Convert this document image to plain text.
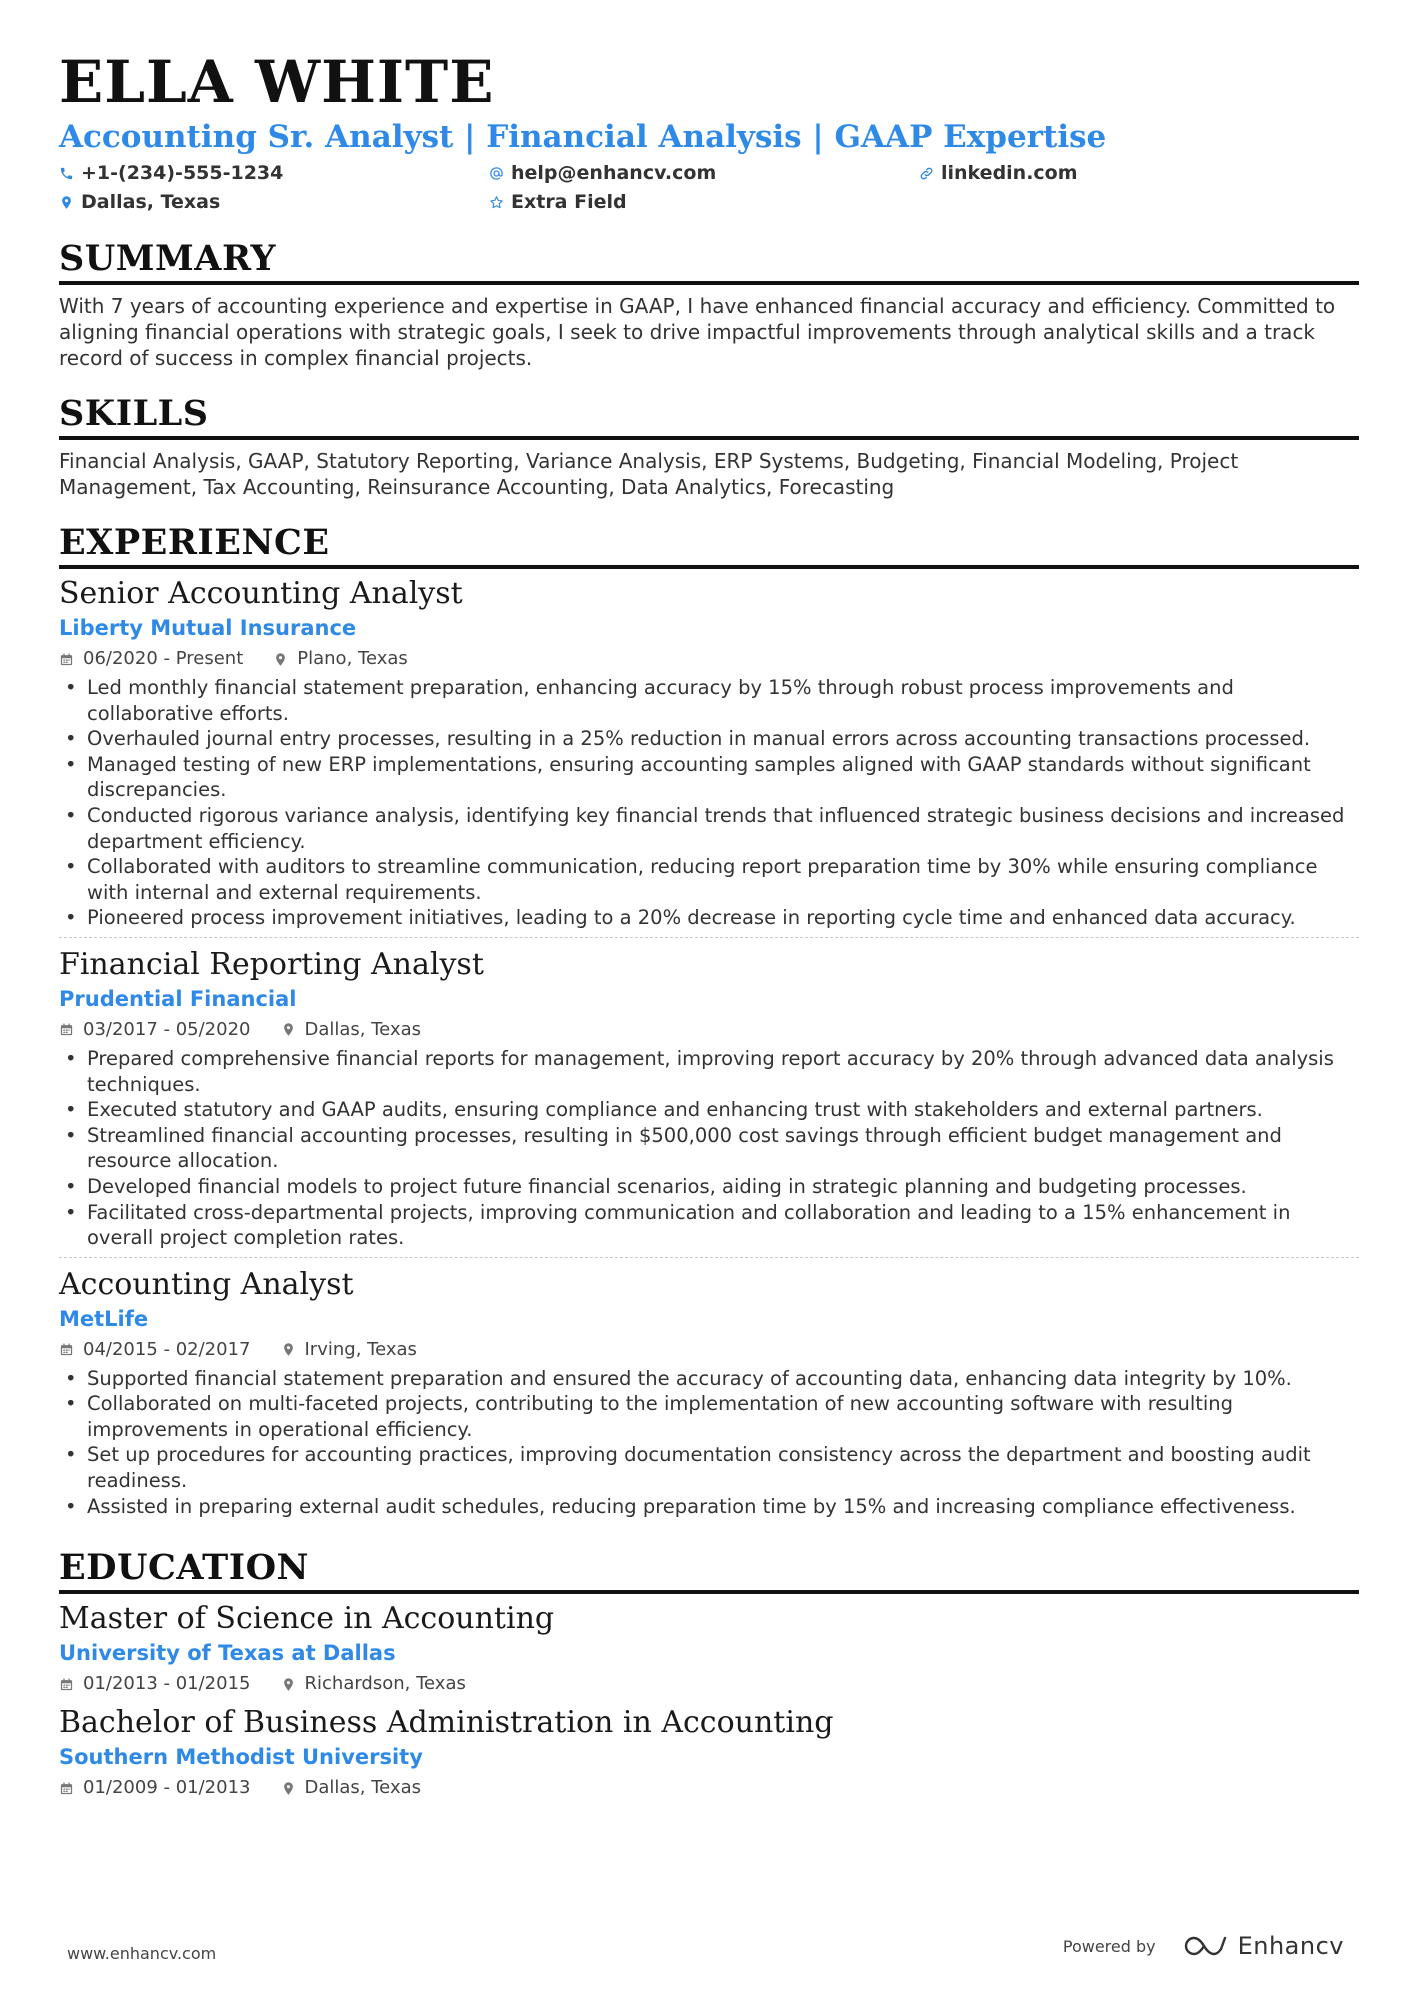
ELLA WHITE
Accounting Sr. Analyst | Financial Analysis | GAAP Expertise
+1-(234)-555-1234	help@enhancv.com	linkedin.com
Dallas, Texas	Extra Field
SUMMARY
With 7 years of accounting experience and expertise in GAAP, I have enhanced financial accuracy and efficiency. Committed to aligning financial operations with strategic goals, I seek to drive impactful improvements through analytical skills and a track record of success in complex financial projects.
SKILLS
Financial Analysis, GAAP, Statutory Reporting, Variance Analysis, ERP Systems, Budgeting, Financial Modeling, Project Management, Tax Accounting, Reinsurance Accounting, Data Analytics, Forecasting
EXPERIENCE
Senior Accounting Analyst
Liberty Mutual Insurance
06/2020 - Present	Plano, Texas
• Led monthly financial statement preparation, enhancing accuracy by 15% through robust process improvements and collaborative efforts.
• Overhauled journal entry processes, resulting in a 25% reduction in manual errors across accounting transactions processed.
• Managed testing of new ERP implementations, ensuring accounting samples aligned with GAAP standards without significant discrepancies.
• Conducted rigorous variance analysis, identifying key financial trends that influenced strategic business decisions and increased department efficiency.
• Collaborated with auditors to streamline communication, reducing report preparation time by 30% while ensuring compliance with internal and external requirements.
• Pioneered process improvement initiatives, leading to a 20% decrease in reporting cycle time and enhanced data accuracy.
Financial Reporting Analyst
Prudential Financial
03/2017 - 05/2020	Dallas, Texas
• Prepared comprehensive financial reports for management, improving report accuracy by 20% through advanced data analysis techniques.
• Executed statutory and GAAP audits, ensuring compliance and enhancing trust with stakeholders and external partners.
• Streamlined financial accounting processes, resulting in $500,000 cost savings through efficient budget management and resource allocation.
• Developed financial models to project future financial scenarios, aiding in strategic planning and budgeting processes.
• Facilitated cross-departmental projects, improving communication and collaboration and leading to a 15% enhancement in overall project completion rates.
Accounting Analyst
MetLife
04/2015 - 02/2017	Irving, Texas
• Supported financial statement preparation and ensured the accuracy of accounting data, enhancing data integrity by 10%.
• Collaborated on multi-faceted projects, contributing to the implementation of new accounting software with resulting improvements in operational efficiency.
• Set up procedures for accounting practices, improving documentation consistency across the department and boosting audit readiness.
• Assisted in preparing external audit schedules, reducing preparation time by 15% and increasing compliance effectiveness.
EDUCATION
Master of Science in Accounting
University of Texas at Dallas
01/2013 - 01/2015	Richardson, Texas
Bachelor of Business Administration in Accounting
Southern Methodist University
01/2009 - 01/2013	Dallas, Texas
www.enhancv.com	Powered by	Enhancv
